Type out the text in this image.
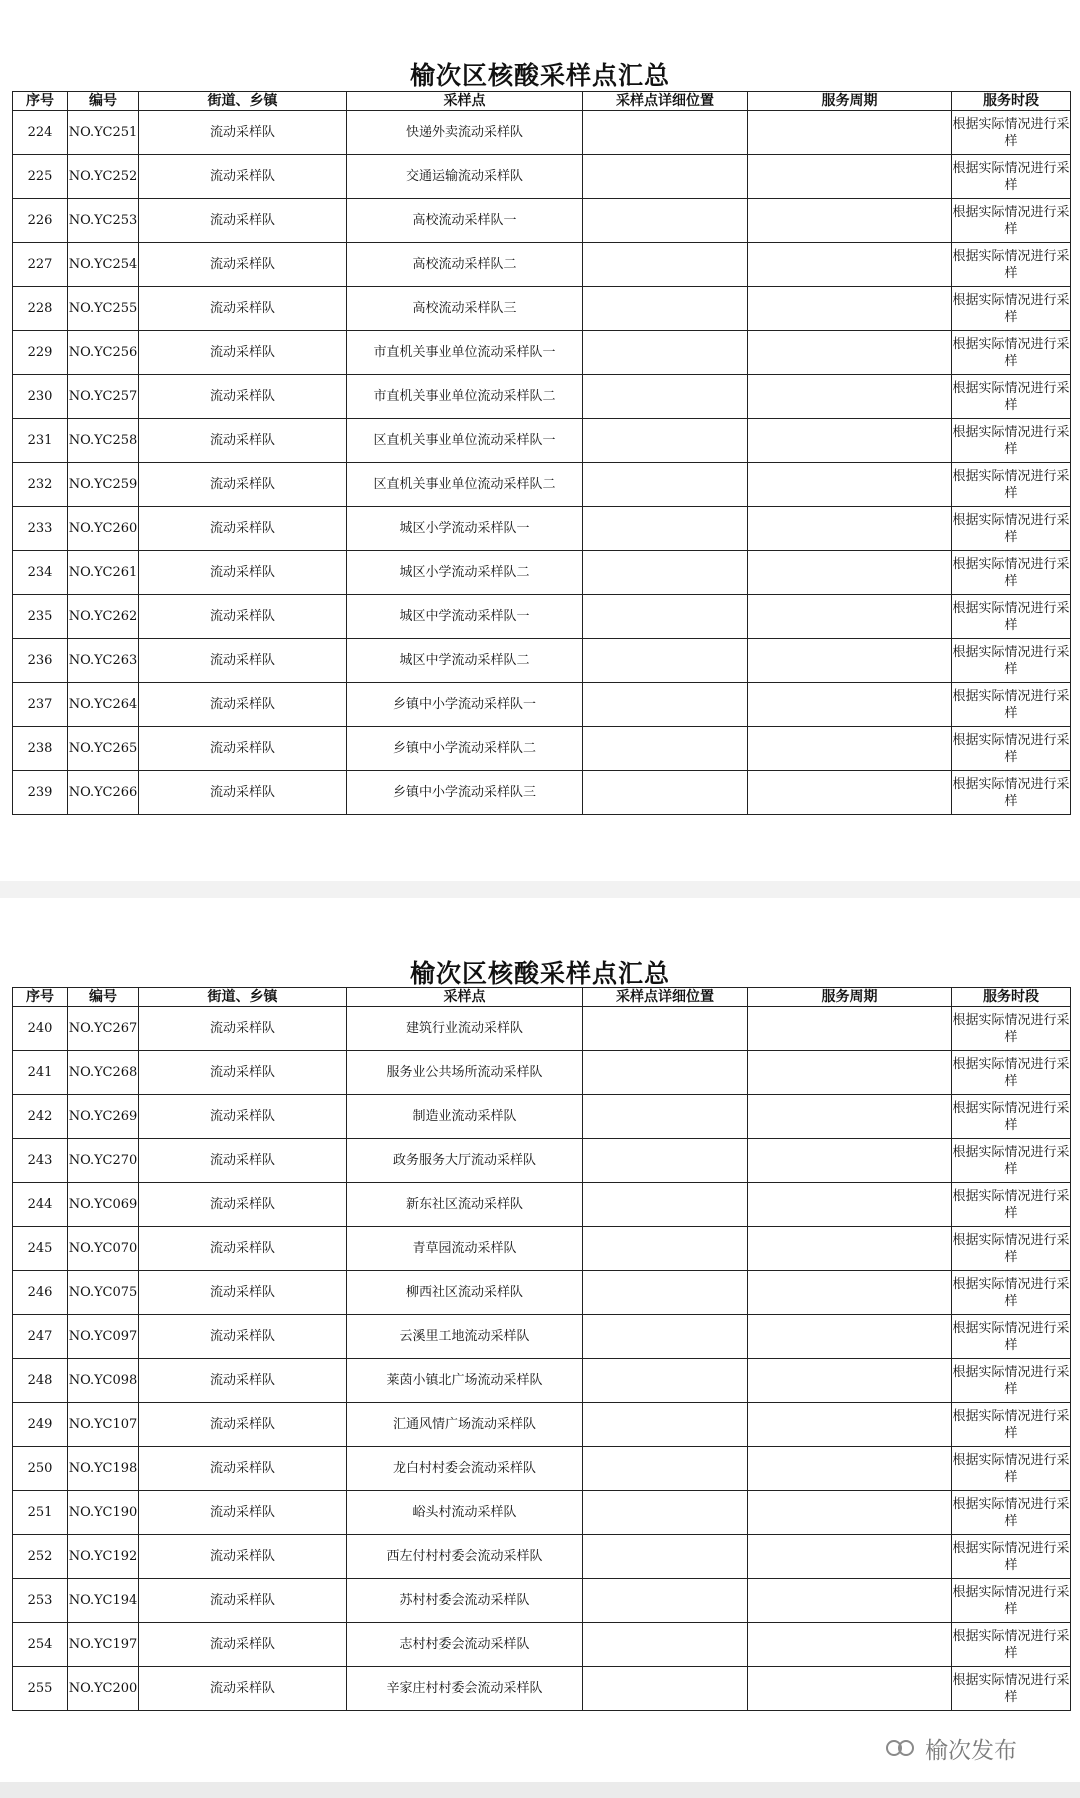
榆次区核酸采样点汇总
序号	编号	街道、乡镇	采样点	采样点详细位置	服务周期	服务时段
224	NO.YC251	流动采样队	快递外卖流动采样队			根据实际情况进行采样
225	NO.YC252	流动采样队	交通运输流动采样队			根据实际情况进行采样
226	NO.YC253	流动采样队	高校流动采样队一			根据实际情况进行采样
227	NO.YC254	流动采样队	高校流动采样队二			根据实际情况进行采样
228	NO.YC255	流动采样队	高校流动采样队三			根据实际情况进行采样
229	NO.YC256	流动采样队	市直机关事业单位流动采样队一			根据实际情况进行采样
230	NO.YC257	流动采样队	市直机关事业单位流动采样队二			根据实际情况进行采样
231	NO.YC258	流动采样队	区直机关事业单位流动采样队一			根据实际情况进行采样
232	NO.YC259	流动采样队	区直机关事业单位流动采样队二			根据实际情况进行采样
233	NO.YC260	流动采样队	城区小学流动采样队一			根据实际情况进行采样
234	NO.YC261	流动采样队	城区小学流动采样队二			根据实际情况进行采样
235	NO.YC262	流动采样队	城区中学流动采样队一			根据实际情况进行采样
236	NO.YC263	流动采样队	城区中学流动采样队二			根据实际情况进行采样
237	NO.YC264	流动采样队	乡镇中小学流动采样队一			根据实际情况进行采样
238	NO.YC265	流动采样队	乡镇中小学流动采样队二			根据实际情况进行采样
239	NO.YC266	流动采样队	乡镇中小学流动采样队三			根据实际情况进行采样
榆次区核酸采样点汇总
序号	编号	街道、乡镇	采样点	采样点详细位置	服务周期	服务时段
240	NO.YC267	流动采样队	建筑行业流动采样队			根据实际情况进行采样
241	NO.YC268	流动采样队	服务业公共场所流动采样队			根据实际情况进行采样
242	NO.YC269	流动采样队	制造业流动采样队			根据实际情况进行采样
243	NO.YC270	流动采样队	政务服务大厅流动采样队			根据实际情况进行采样
244	NO.YC069	流动采样队	新东社区流动采样队			根据实际情况进行采样
245	NO.YC070	流动采样队	青草园流动采样队			根据实际情况进行采样
246	NO.YC075	流动采样队	柳西社区流动采样队			根据实际情况进行采样
247	NO.YC097	流动采样队	云溪里工地流动采样队			根据实际情况进行采样
248	NO.YC098	流动采样队	莱茵小镇北广场流动采样队			根据实际情况进行采样
249	NO.YC107	流动采样队	汇通风情广场流动采样队			根据实际情况进行采样
250	NO.YC198	流动采样队	龙白村村委会流动采样队			根据实际情况进行采样
251	NO.YC190	流动采样队	峪头村流动采样队			根据实际情况进行采样
252	NO.YC192	流动采样队	西左付村村委会流动采样队			根据实际情况进行采样
253	NO.YC194	流动采样队	苏村村委会流动采样队			根据实际情况进行采样
254	NO.YC197	流动采样队	志村村委会流动采样队			根据实际情况进行采样
255	NO.YC200	流动采样队	辛家庄村村委会流动采样队			根据实际情况进行采样
榆次发布
